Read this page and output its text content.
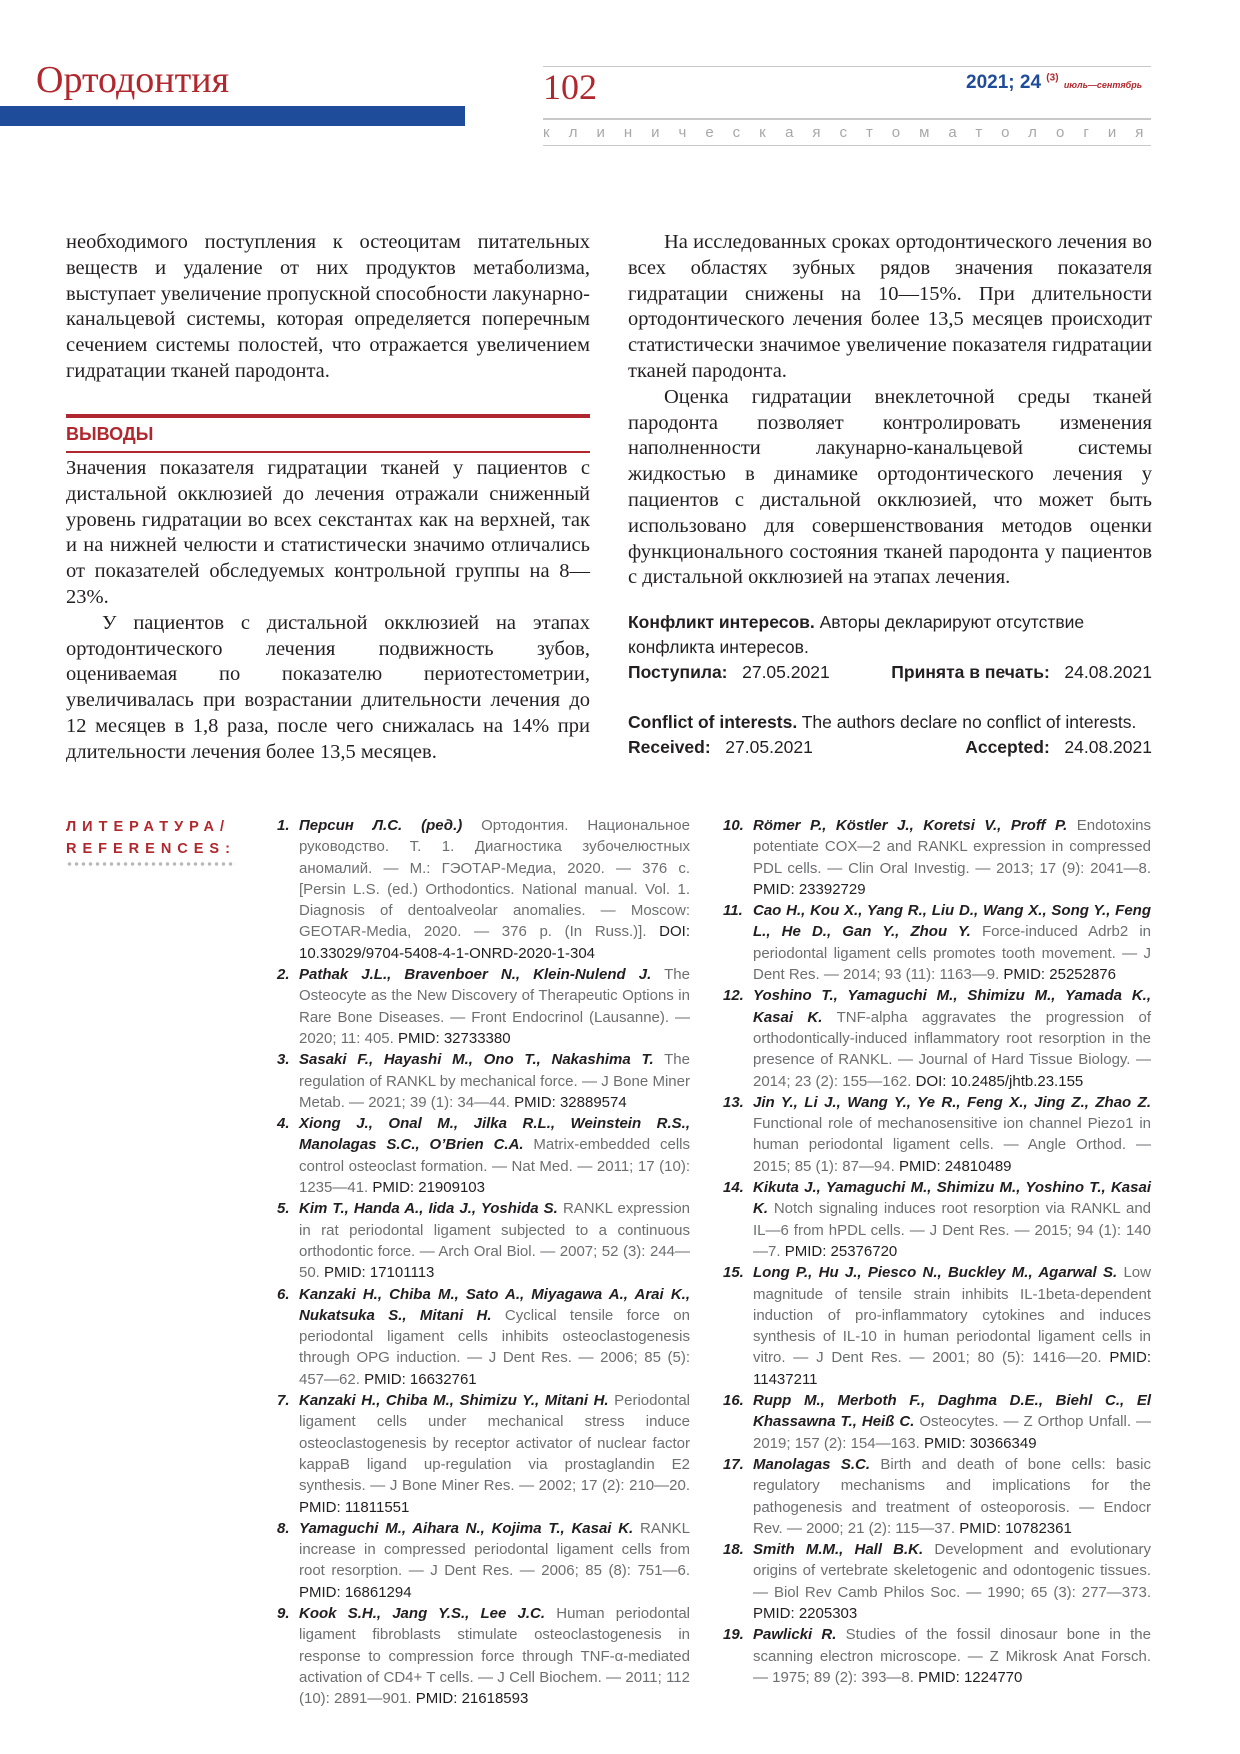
Ортодонтия	102	2021; 24 $^{(3)}$ июль—сентябрь
клиническая стоматология

необходимого поступления к остеоцитам питательных веществ и удаление от них продуктов метаболизма, выступает увеличение пропускной способности лакунарно-канальцевой системы, которая определяется поперечным сечением системы полостей, что отражается увеличением гидратации тканей пародонта.

ВЫВОДЫ

Значения показателя гидратации тканей у пациентов с дистальной окклюзией до лечения отражали сниженный уровень гидратации во всех секстантах как на верхней, так и на нижней челюсти и статистически значимо отличались от показателей обследуемых контрольной группы на 8—23%.

У пациентов с дистальной окклюзией на этапах ортодонтического лечения подвижность зубов, оцениваемая по показателю периотестометрии, увеличивалась при возрастании длительности лечения до 12 месяцев в 1,8 раза, после чего снижалась на 14% при длительности лечения более 13,5 месяцев.

На исследованных сроках ортодонтического лечения во всех областях зубных рядов значения показателя гидратации снижены на 10—15%. При длительности ортодонтического лечения более 13,5 месяцев происходит статистически значимое увеличение показателя гидратации тканей пародонта.

Оценка гидратации внеклеточной среды тканей пародонта позволяет контролировать изменения наполненности лакунарно-канальцевой системы жидкостью в динамике ортодонтического лечения у пациентов с дистальной окклюзией, что может быть использовано для совершенствования методов оценки функционального состояния тканей пародонта у пациентов с дистальной окклюзией на этапах лечения.

Конфликт интересов. Авторы декларируют отсутствие конфликта интересов.
Поступила: 27.05.2021	Принята в печать: 24.08.2021
Conflict of interests. The authors declare no conflict of interests.
Received: 27.05.2021	Accepted: 24.08.2021
ЛИТЕРАТУРА/
REFERENCES:
1. Персин Л.С. (ред.) Ортодонтия. Национальное руководство. Т. 1. Диагностика зубочелюстных аномалий. — М.: ГЭОТАР-Медиа, 2020. — 376 с. [Persin L.S. (ed.) Orthodontics. National manual. Vol. 1. Diagnosis of dentoalveolar anomalies. — Moscow: GEOTAR-Media, 2020. — 376 p. (In Russ.)]. DOI: 10.33029/9704-5408-4-1-ONRD-2020-1-304
2. Pathak J.L., Bravenboer N., Klein-Nulend J. The Osteocyte as the New Discovery of Therapeutic Options in Rare Bone Diseases. — Front Endocrinol (Lausanne). — 2020; 11: 405. PMID: 32733380
3. Sasaki F., Hayashi M., Ono T., Nakashima T. The regulation of RANKL by mechanical force. — J Bone Miner Metab. — 2021; 39 (1): 34—44. PMID: 32889574
4. Xiong J., Onal M., Jilka R.L., Weinstein R.S., Manolagas S.C., O’Brien C.A. Matrix-embedded cells control osteoclast formation. — Nat Med. — 2011; 17 (10): 1235—41. PMID: 21909103
5. Kim T., Handa A., Iida J., Yoshida S. RANKL expression in rat periodontal ligament subjected to a continuous orthodontic force. — Arch Oral Biol. — 2007; 52 (3): 244—50. PMID: 17101113
6. Kanzaki H., Chiba M., Sato A., Miyagawa A., Arai K., Nukatsuka S., Mitani H. Cyclical tensile force on periodontal ligament cells inhibits osteoclastogenesis through OPG induction. — J Dent Res. — 2006; 85 (5): 457—62. PMID: 16632761
7. Kanzaki H., Chiba M., Shimizu Y., Mitani H. Periodontal ligament cells under mechanical stress induce osteoclastogenesis by receptor activator of nuclear factor kappaB ligand up-regulation via prostaglandin E2 synthesis. — J Bone Miner Res. — 2002; 17 (2): 210—20. PMID: 11811551
8. Yamaguchi M., Aihara N., Kojima T., Kasai K. RANKL increase in compressed periodontal ligament cells from root resorption. — J Dent Res. — 2006; 85 (8): 751—6. PMID: 16861294
9. Kook S.H., Jang Y.S., Lee J.C. Human periodontal ligament fibroblasts stimulate osteoclastogenesis in response to compression force through TNF-α-mediated activation of CD4+ T cells. — J Cell Biochem. — 2011; 112 (10): 2891—901. PMID: 21618593
10. Römer P., Köstler J., Koretsi V., Proff P. Endotoxins potentiate COX—2 and RANKL expression in compressed PDL cells. — Clin Oral Investig. — 2013; 17 (9): 2041—8. PMID: 23392729
11. Cao H., Kou X., Yang R., Liu D., Wang X., Song Y., Feng L., He D., Gan Y., Zhou Y. Force-induced Adrb2 in periodontal ligament cells promotes tooth movement. — J Dent Res. — 2014; 93 (11): 1163—9. PMID: 25252876
12. Yoshino T., Yamaguchi M., Shimizu M., Yamada K., Kasai K. TNF-alpha aggravates the progression of orthodontically-induced inflammatory root resorption in the presence of RANKL. — Journal of Hard Tissue Biology. — 2014; 23 (2): 155—162. DOI: 10.2485/jhtb.23.155
13. Jin Y., Li J., Wang Y., Ye R., Feng X., Jing Z., Zhao Z. Functional role of mechanosensitive ion channel Piezo1 in human periodontal ligament cells. — Angle Orthod. — 2015; 85 (1): 87—94. PMID: 24810489
14. Kikuta J., Yamaguchi M., Shimizu M., Yoshino T., Kasai K. Notch signaling induces root resorption via RANKL and IL—6 from hPDL cells. — J Dent Res. — 2015; 94 (1): 140—7. PMID: 25376720
15. Long P., Hu J., Piesco N., Buckley M., Agarwal S. Low magnitude of tensile strain inhibits IL-1beta-dependent induction of pro-inflammatory cytokines and induces synthesis of IL-10 in human periodontal ligament cells in vitro. — J Dent Res. — 2001; 80 (5): 1416—20. PMID: 11437211
16. Rupp M., Merboth F., Daghma D.E., Biehl C., El Khassawna T., Heiß C. Osteocytes. — Z Orthop Unfall. — 2019; 157 (2): 154—163. PMID: 30366349
17. Manolagas S.C. Birth and death of bone cells: basic regulatory mechanisms and implications for the pathogenesis and treatment of osteoporosis. — Endocr Rev. — 2000; 21 (2): 115—37. PMID: 10782361
18. Smith M.M., Hall B.K. Development and evolutionary origins of vertebrate skeletogenic and odontogenic tissues. — Biol Rev Camb Philos Soc. — 1990; 65 (3): 277—373. PMID: 2205303
19. Pawlicki R. Studies of the fossil dinosaur bone in the scanning electron microscope. — Z Mikrosk Anat Forsch. — 1975; 89 (2): 393—8. PMID: 1224770
